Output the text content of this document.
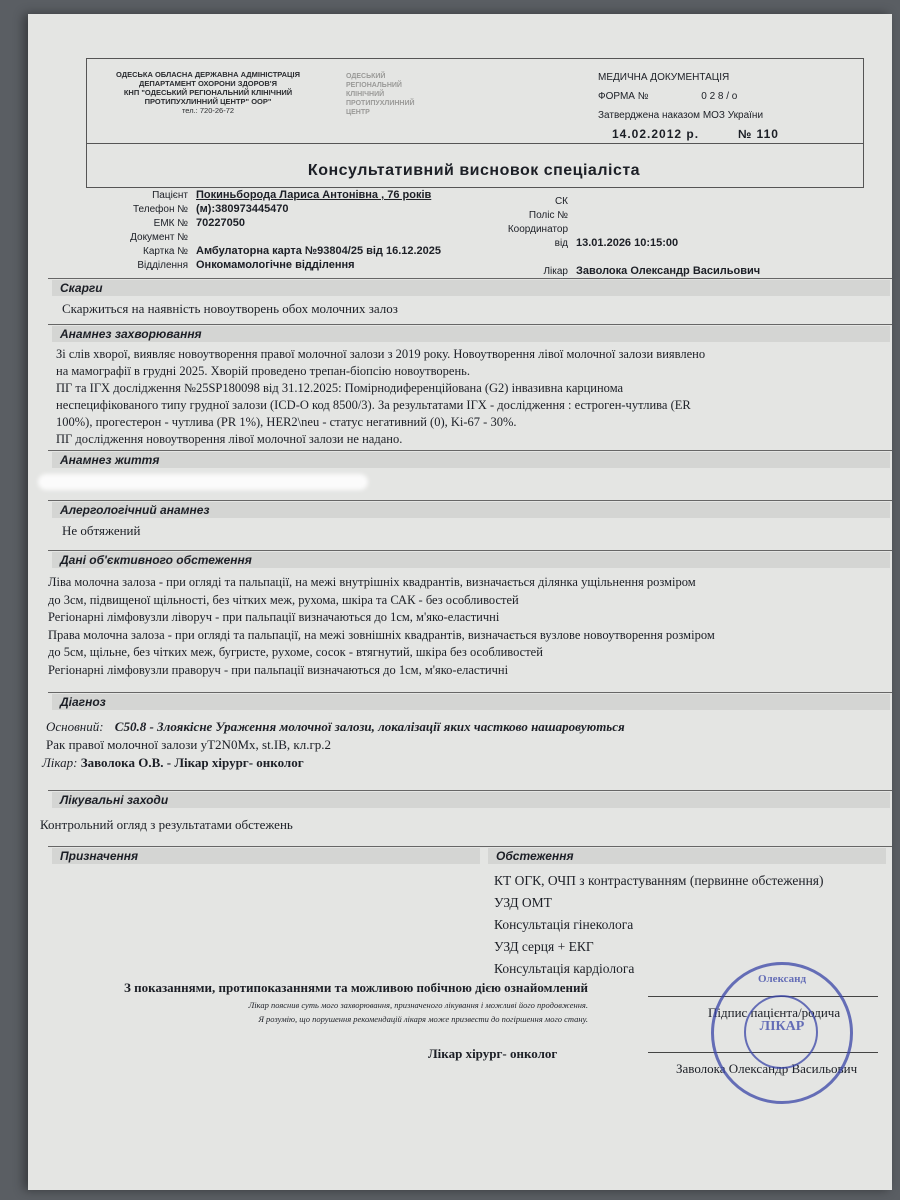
ОДЕСЬКА ОБЛАСНА ДЕРЖАВНА АДМІНІСТРАЦІЯ
ДЕПАРТАМЕНТ ОХОРОНИ ЗДОРОВ'Я
КНП "ОДЕСЬКИЙ РЕГІОНАЛЬНИЙ КЛІНІЧНИЙ
ПРОТИПУХЛИННИЙ ЦЕНТР" ООР"
тел.: 720-26-72
ОДЕСЬКИЙ
РЕГІОНАЛЬНИЙ
КЛІНІЧНИЙ
ПРОТИПУХЛИННИЙ
ЦЕНТР
МЕДИЧНА ДОКУМЕНТАЦІЯ
ФОРМА №	0 2 8 / о
Затверджена наказом МОЗ України
14.02.2012 р.	№ 110
Консультативний висновок спеціаліста
Пацієнт Покиньборода Лариса Антонівна , 76 років
Телефон № (м):380973445470
ЕМК № 70227050
Документ №
Картка № Амбулаторна карта №93804/25 від 16.12.2025
Відділення Онкомамологічне відділення
СК
Поліс №
Координатор
від 13.01.2026 10:15:00
Лікар Заволока Олександр Васильович
Скарги
Скаржиться на наявність новоутворень обох молочних залоз
Анамнез захворювання
Зі слів хворої, виявляє новоутворення правої молочної залози з 2019 року. Новоутворення лівої молочної залози виявлено
на мамографії в грудні 2025. Хворій проведено трепан-біопсію новоутворень.
ПГ та ІГХ дослідження №25SP180098 від 31.12.2025: Помірнодиференційована (G2) інвазивна карцинома
неспецифікованого типу грудної залози (ICD-O код 8500/3). За результатами ІГХ - дослідження : естроген-чутлива (ER
100%), прогестерон - чутлива (PR 1%), HER2\neu - статус негативний (0), Ki-67 - 30%.
ПГ дослідження новоутворення лівої молочної залози не надано.
Анамнез життя
Алергологічний анамнез
Не обтяжений
Дані об'єктивного обстеження
Ліва молочна залоза - при огляді та пальпації, на межі внутрішніх квадрантів, визначається ділянка ущільнення розміром
до 3см, підвищеної щільності, без чітких меж, рухома, шкіра та САК - без особливостей
Регіонарні лімфовузли ліворуч - при пальпації визначаються до 1см, м'яко-еластичні
Права молочна залоза - при огляді та пальпації, на межі зовнішніх квадрантів, визначається вузлове новоутворення розміром
до 5см, щільне, без чітких меж, бугристе, рухоме, сосок - втягнутий, шкіра без особливостей
Регіонарні лімфовузли праворуч - при пальпації визначаються до 1см, м'яко-еластичні
Діагноз
Основний: C50.8 - Злоякісне Ураження молочної залози, локалізації яких частково нашаровуються
Рак правої молочної залози уT2N0Mx, st.IB, кл.гр.2
Лікар: Заволока О.В. - Лікар хірург- онколог
Лікувальні заходи
Контрольний огляд з результатами обстежень
Призначення	Обстеження
КТ ОГК, ОЧП з контрастуванням (первинне обстеження)
УЗД ОМТ
Консультація гінеколога
УЗД серця + ЕКГ
Консультація кардіолога
З показаннями, протипоказаннями та можливою побічною дією ознайомлений
Лікар пояснив суть мого захворювання, призначеного лікування і можливі його продовження.
Я розумію, що порушення рекомендацій лікаря може призвести до погіршення мого стану.	Підпис пацієнта/родича
Лікар хірург- онколог
Заволока Олександр Васильович
Олександ
ЛІКАР
